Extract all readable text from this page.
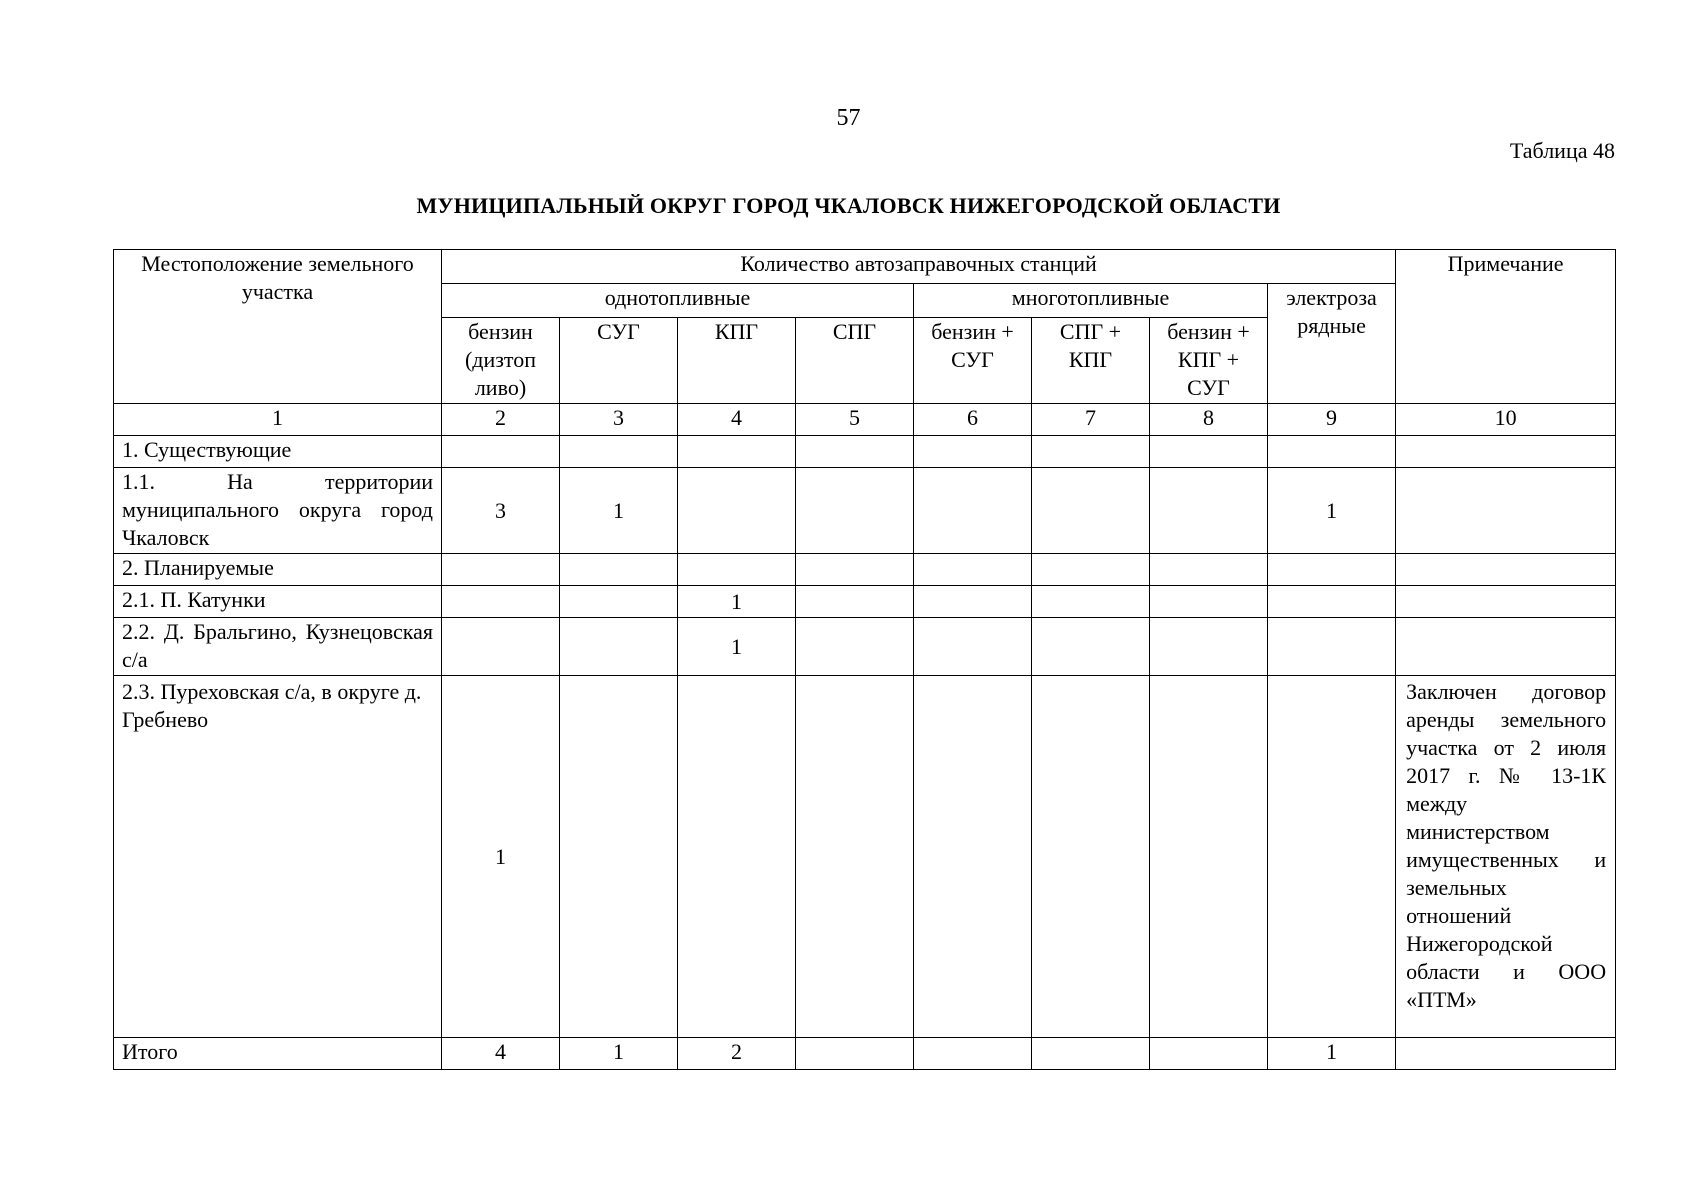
57
Таблица 48
МУНИЦИПАЛЬНЫЙ ОКРУГ ГОРОД ЧКАЛОВСК НИЖЕГОРОДСКОЙ ОБЛАСТИ
Местоположение земельного участка	Количество автозаправочных станций								Примечание
	однотопливные				многотопливные			электроза рядные	
	бензин (дизтоп ливо)	СУГ	КПГ	СПГ	бензин + СУГ	СПГ + КПГ	бензин + КПГ + СУГ		
1	2	3	4	5	6	7	8	9	10
1. Существующие									
1.1. На территории муниципального округа город Чкаловск	3	1						1	
2. Планируемые									
2.1. П. Катунки			1						
2.2. Д. Бральгино, Кузнецовская с/а			1						
2.3. Пуреховская с/а, в округе д. Гребнево	1								Заключен договор аренды земельного участка от 2 июля 2017 г. № 13-1К между министерством имущественных и земельных отношений Нижегородской области и ООО «ПТМ»
Итого	4	1	2					1	
